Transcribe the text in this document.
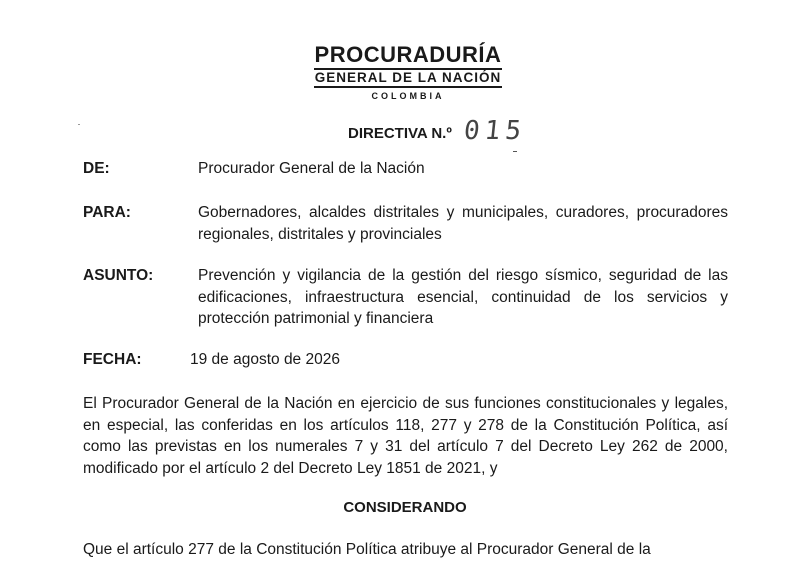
PROCURADURÍA
GENERAL DE LA NACIÓN
COLOMBIA
DIRECTIVA N.º 015
DE:	Procurador General de la Nación
PARA:	Gobernadores, alcaldes distritales y municipales, curadores, procuradores regionales, distritales y provinciales
ASUNTO:	Prevención y vigilancia de la gestión del riesgo sísmico, seguridad de las edificaciones, infraestructura esencial, continuidad de los servicios y protección patrimonial y financiera
FECHA:	19 de agosto de 2026
El Procurador General de la Nación en ejercicio de sus funciones constitucionales y legales, en especial, las conferidas en los artículos 118, 277 y 278 de la Constitución Política, así como las previstas en los numerales 7 y 31 del artículo 7 del Decreto Ley 262 de 2000, modificado por el artículo 2 del Decreto Ley 1851 de 2021, y
CONSIDERANDO
Que el artículo 277 de la Constitución Política atribuye al Procurador General de la
